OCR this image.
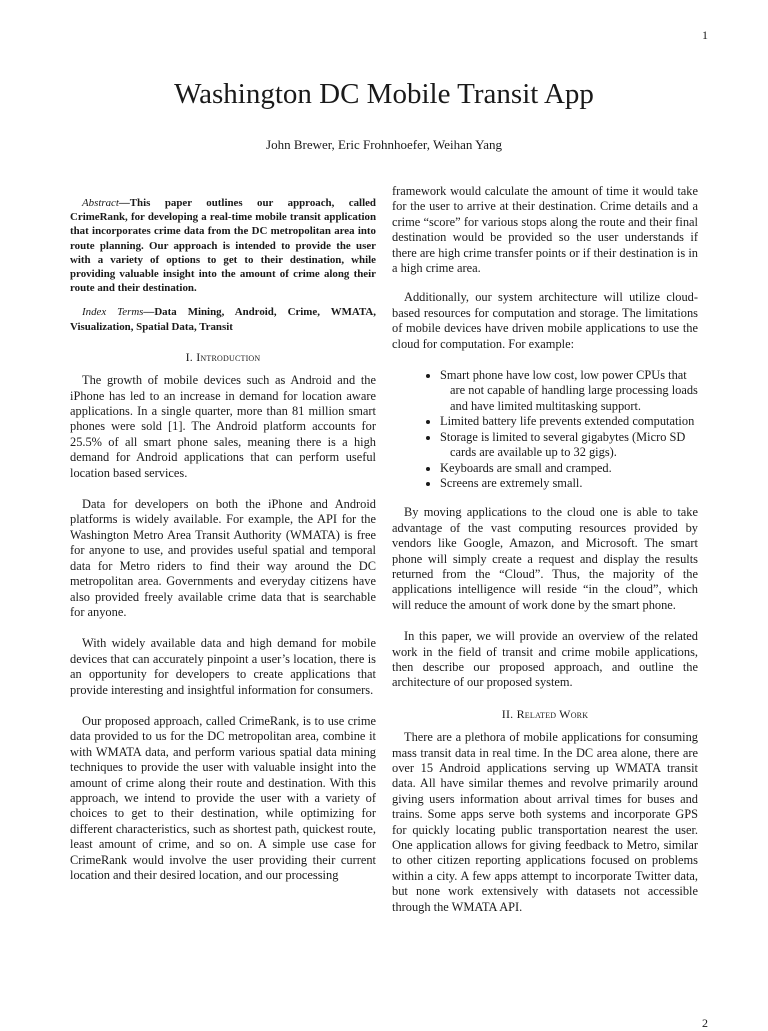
1
Washington DC Mobile Transit App
John Brewer, Eric Frohnhoefer, Weihan Yang
Abstract—This paper outlines our approach, called CrimeRank, for developing a real-time mobile transit application that incorporates crime data from the DC metropolitan area into route planning. Our approach is intended to provide the user with a variety of options to get to their destination, while providing valuable insight into the amount of crime along their route and their destination.
Index Terms—Data Mining, Android, Crime, WMATA, Visualization, Spatial Data, Transit
I. Introduction

The growth of mobile devices such as Android and the iPhone has led to an increase in demand for location aware applications. In a single quarter, more than 81 million smart phones were sold [1]. The Android platform accounts for 25.5% of all smart phone sales, meaning there is a high demand for Android applications that can perform useful location based services.

Data for developers on both the iPhone and Android platforms is widely available. For example, the API for the Washington Metro Area Transit Authority (WMATA) is free for anyone to use, and provides useful spatial and temporal data for Metro riders to find their way around the DC metropolitan area. Governments and everyday citizens have also provided freely available crime data that is searchable for anyone.

With widely available data and high demand for mobile devices that can accurately pinpoint a user’s location, there is an opportunity for developers to create applications that provide interesting and insightful information for consumers.

Our proposed approach, called CrimeRank, is to use crime data provided to us for the DC metropolitan area, combine it with WMATA data, and perform various spatial data mining techniques to provide the user with valuable insight into the amount of crime along their route and destination. With this approach, we intend to provide the user with a variety of choices to get to their destination, while optimizing for different characteristics, such as shortest path, quickest route, least amount of crime, and so on. A simple use case for CrimeRank would involve the user providing their current location and their desired location, and our processing

framework would calculate the amount of time it would take for the user to arrive at their destination. Crime details and a crime “score” for various stops along the route and their final destination would be provided so the user understands if there are high crime transfer points or if their destination is in a high crime area.

Additionally, our system architecture will utilize cloud-based resources for computation and storage. The limitations of mobile devices have driven mobile applications to use the cloud for computation. For example:

• Smart phone have low cost, low power CPUs that
are not capable of handling large processing loads and have limited multitasking support.
• Limited battery life prevents extended computation
• Storage is limited to several gigabytes (Micro SD
cards are available up to 32 gigs).
• Keyboards are small and cramped.
• Screens are extremely small.

By moving applications to the cloud one is able to take advantage of the vast computing resources provided by vendors like Google, Amazon, and Microsoft. The smart phone will simply create a request and display the results returned from the “Cloud”. Thus, the majority of the applications intelligence will reside “in the cloud”, which will reduce the amount of work done by the smart phone.

In this paper, we will provide an overview of the related work in the field of transit and crime mobile applications, then describe our proposed approach, and outline the architecture of our proposed system.

II. Related Work

There are a plethora of mobile applications for consuming mass transit data in real time. In the DC area alone, there are over 15 Android applications serving up WMATA transit data. All have similar themes and revolve primarily around giving users information about arrival times for buses and trains. Some apps serve both systems and incorporate GPS for quickly locating public transportation nearest the user. One application allows for giving feedback to Metro, similar to other citizen reporting applications focused on problems within a city. A few apps attempt to incorporate Twitter data, but none work extensively with datasets not accessible through the WMATA API.

2
